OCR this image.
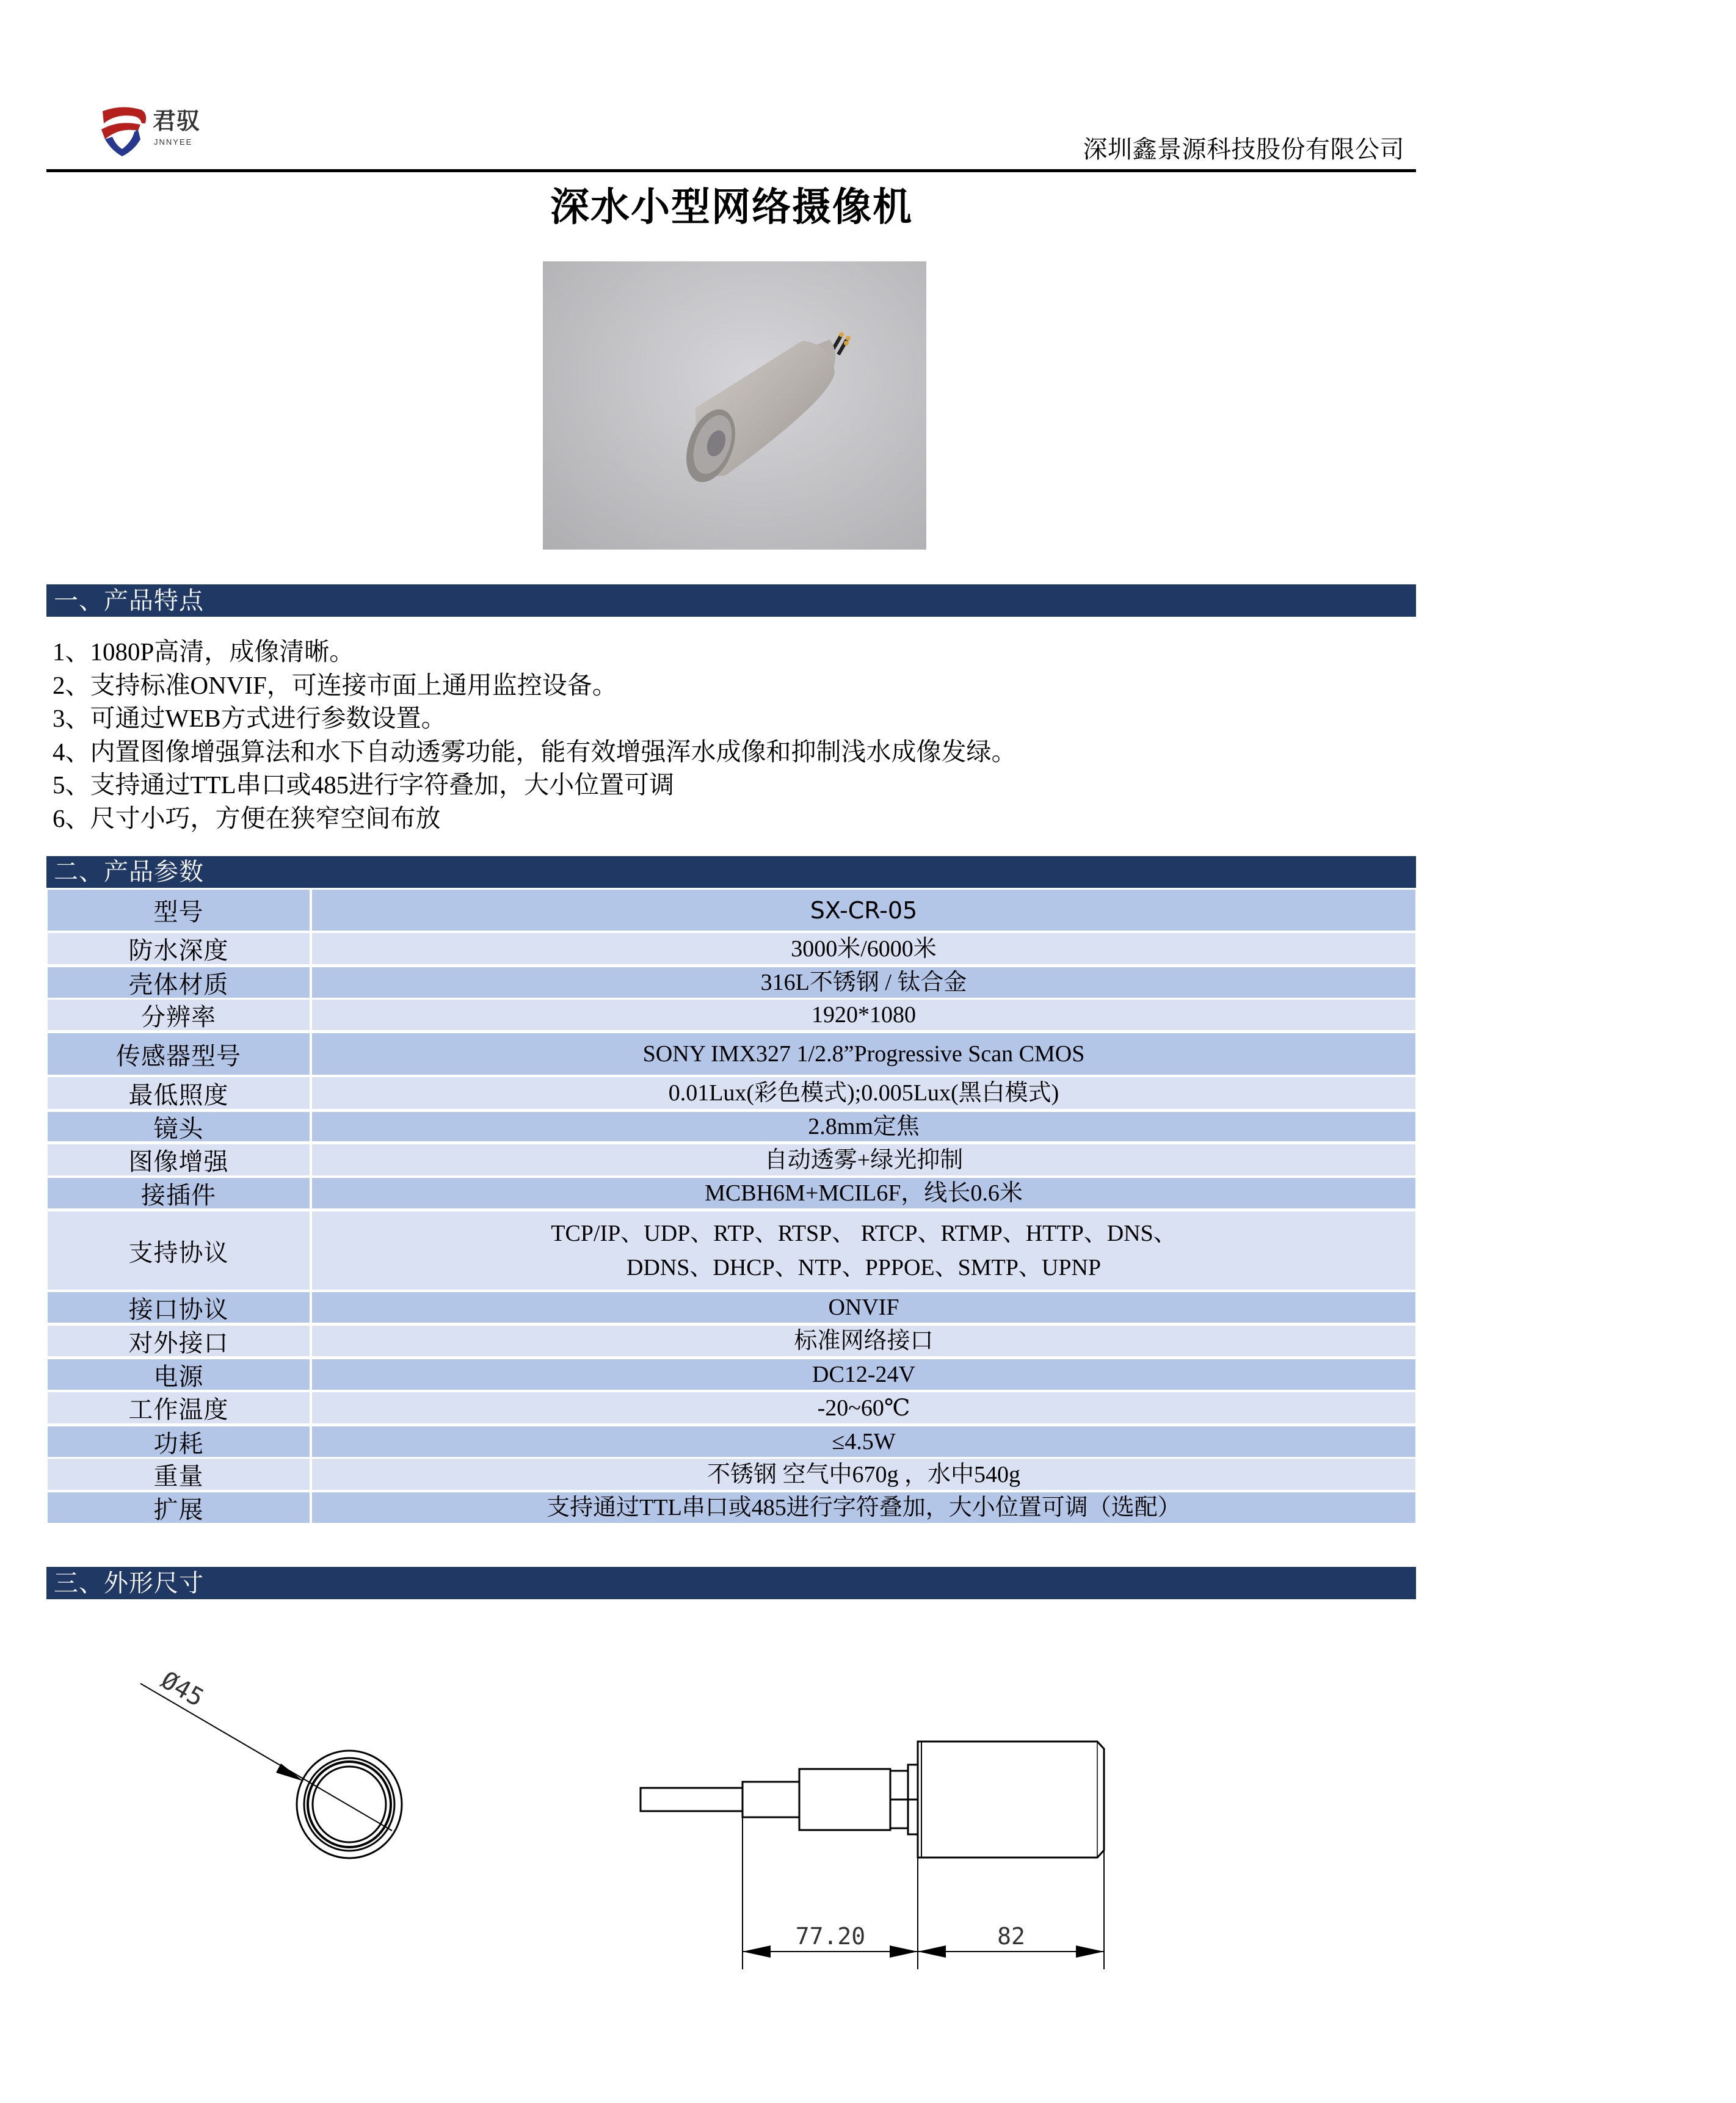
君驭
JNNYEE	深圳鑫景源科技股份有限公司
深水小型网络摄像机
一、产品特点
1、1080P高清，成像清晰。
2、支持标准ONVIF，可连接市面上通用监控设备。
3、可通过WEB方式进行参数设置。
4、内置图像增强算法和水下自动透雾功能，能有效增强浑水成像和抑制浅水成像发绿。
5、支持通过TTL串口或485进行字符叠加，大小位置可调
6、尺寸小巧，方便在狭窄空间布放
二、产品参数
型号	SX-CR-05
防水深度	3000米/6000米
壳体材质	316L不锈钢 / 钛合金
分辨率	1920*1080
传感器型号	SONY IMX327 1/2.8”Progressive Scan CMOS
最低照度	0.01Lux(彩色模式);0.005Lux(黑白模式)
镜头	2.8mm定焦
图像增强	自动透雾+绿光抑制
接插件	MCBH6M+MCIL6F，线长0.6米
支持协议
TCP/IP、UDP、RTP、RTSP、 RTCP、RTMP、HTTP、DNS、
DDNS、DHCP、NTP、PPPOE、SMTP、UPNP
接口协议	ONVIF
对外接口	标准网络接口
电源	DC12-24V
工作温度	-20~60℃
功耗	≤4.5W
重量	不锈钢 空气中670g ，水中540g
扩展	支持通过TTL串口或485进行字符叠加，大小位置可调（选配）
三、外形尺寸
Ø45
77.20	82
